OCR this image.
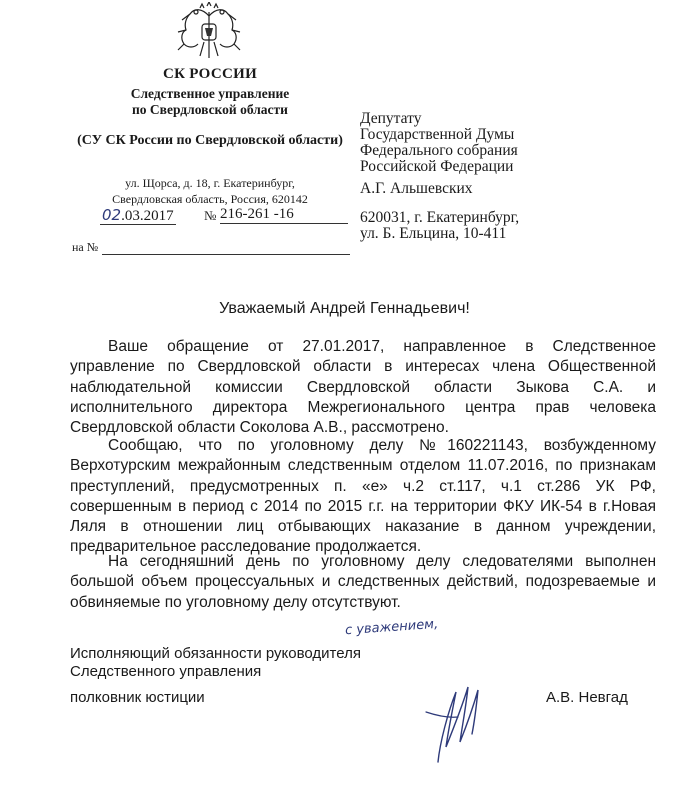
СК РОССИИ
Следственное управление
по Свердловской области
(СУ СК России по Свердловской области)
ул. Щорса, д. 18, г. Екатеринбург,
Свердловская область, Россия, 620142
02.03.2017 № 216-261 -16
на №
Депутату
Государственной Думы
Федерального собрания
Российской Федерации
А.Г. Альшевских
620031, г. Екатеринбург,
ул. Б. Ельцина, 10-411
Уважаемый Андрей Геннадьевич!

Ваше обращение от 27.01.2017, направленное в Следственное управление по Свердловской области в интересах члена Общественной наблюдательной комиссии Свердловской области Зыкова С.А. и исполнительного директора Межрегионального центра прав человека Свердловской области Соколова А.В., рассмотрено.

Сообщаю, что по уголовному делу №160221143, возбужденному Верхотурским межрайонным следственным отделом 11.07.2016, по признакам преступлений, предусмотренных п. «е» ч.2 ст.117, ч.1 ст.286 УК РФ, совершенным в период с 2014 по 2015 г.г. на территории ФКУ ИК-54 в г.Новая Ляля в отношении лиц отбывающих наказание в данном учреждении, предварительное расследование продолжается.

На сегодняшний день по уголовному делу следователями выполнен большой объем процессуальных и следственных действий, подозреваемые и обвиняемые по уголовному делу отсутствуют.

с уважением,
Исполняющий обязанности руководителя
Следственного управления
полковник юстиции	А.В. Невгад
